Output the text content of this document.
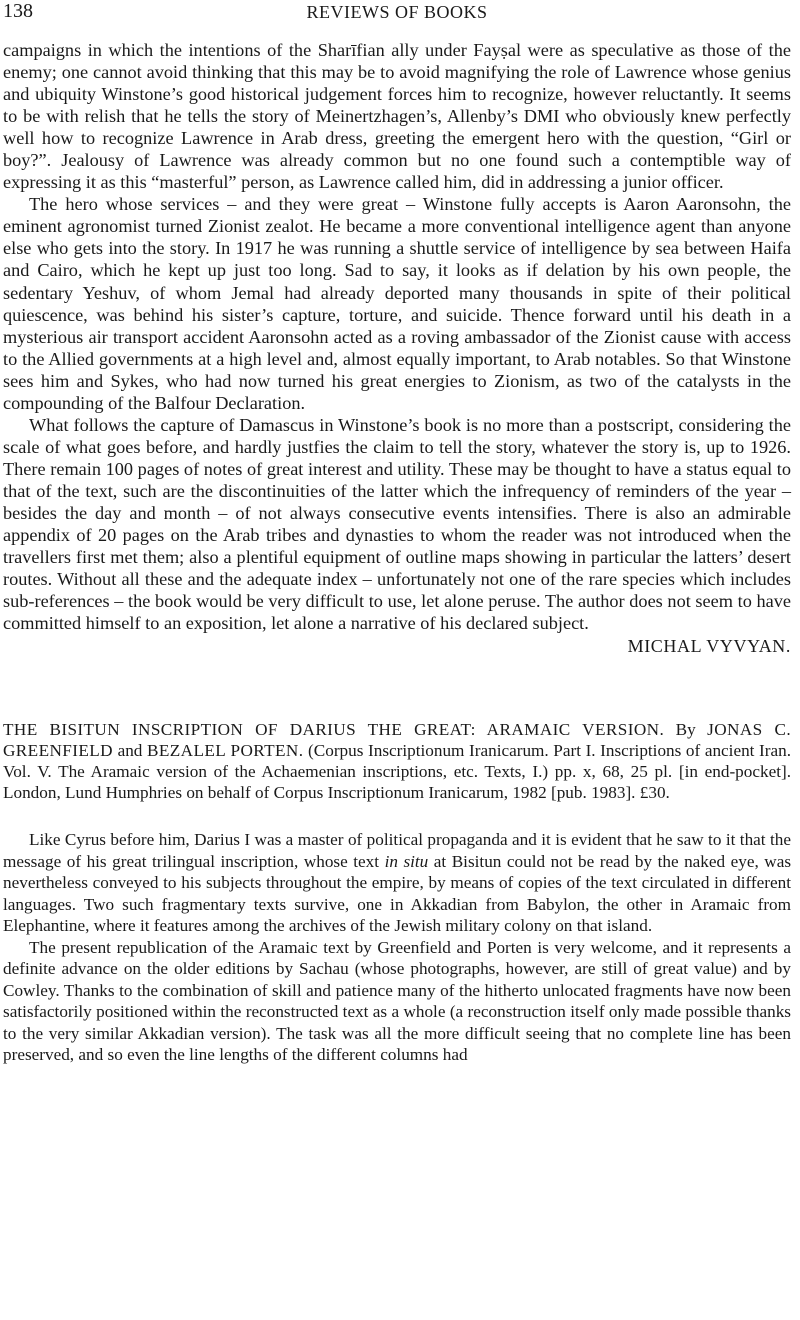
138	REVIEWS OF BOOKS

campaigns in which the intentions of the Sharīfian ally under Fayṣal were as speculative as those of the enemy; one cannot avoid thinking that this may be to avoid magnifying the role of Lawrence whose genius and ubiquity Winstone’s good historical judgement forces him to recognize, however reluctantly. It seems to be with relish that he tells the story of Meinertzhagen’s, Allenby’s DMI who obviously knew perfectly well how to recognize Lawrence in Arab dress, greeting the emergent hero with the question, “Girl or boy?”. Jealousy of Lawrence was already common but no one found such a contemptible way of expressing it as this “masterful” person, as Lawrence called him, did in addressing a junior officer.

The hero whose services – and they were great – Winstone fully accepts is Aaron Aaronsohn, the eminent agronomist turned Zionist zealot. He became a more conventional intelligence agent than anyone else who gets into the story. In 1917 he was running a shuttle service of intelligence by sea between Haifa and Cairo, which he kept up just too long. Sad to say, it looks as if delation by his own people, the sedentary Yeshuv, of whom Jemal had already deported many thousands in spite of their political quiescence, was behind his sister’s capture, torture, and suicide. Thence forward until his death in a mysterious air transport accident Aaronsohn acted as a roving ambassador of the Zionist cause with access to the Allied governments at a high level and, almost equally important, to Arab notables. So that Winstone sees him and Sykes, who had now turned his great energies to Zionism, as two of the catalysts in the compounding of the Balfour Declaration.

What follows the capture of Damascus in Winstone’s book is no more than a postscript, considering the scale of what goes before, and hardly justfies the claim to tell the story, whatever the story is, up to 1926. There remain 100 pages of notes of great interest and utility. These may be thought to have a status equal to that of the text, such are the discontinuities of the latter which the infrequency of reminders of the year – besides the day and month – of not always consecutive events intensifies. There is also an admirable appendix of 20 pages on the Arab tribes and dynasties to whom the reader was not introduced when the travellers first met them; also a plentiful equipment of outline maps showing in particular the latters’ desert routes. Without all these and the adequate index – unfortunately not one of the rare species which includes sub-references – the book would be very difficult to use, let alone peruse. The author does not seem to have committed himself to an exposition, let alone a narrative of his declared subject.

MICHAL VYVYAN.
THE BISITUN INSCRIPTION OF DARIUS THE GREAT: ARAMAIC VERSION. By JONAS C. GREENFIELD and BEZALEL PORTEN. (Corpus Inscriptionum Iranicarum. Part I. Inscriptions of ancient Iran. Vol. V. The Aramaic version of the Achaemenian inscriptions, etc. Texts, I.) pp. x, 68, 25 pl. [in end-pocket]. London, Lund Humphries on behalf of Corpus Inscriptionum Iranicarum, 1982 [pub. 1983]. £30.

Like Cyrus before him, Darius I was a master of political propaganda and it is evident that he saw to it that the message of his great trilingual inscription, whose text in situ at Bisitun could not be read by the naked eye, was nevertheless conveyed to his subjects throughout the empire, by means of copies of the text circulated in different languages. Two such fragmentary texts survive, one in Akkadian from Babylon, the other in Aramaic from Elephantine, where it features among the archives of the Jewish military colony on that island.

The present republication of the Aramaic text by Greenfield and Porten is very welcome, and it represents a definite advance on the older editions by Sachau (whose photographs, however, are still of great value) and by Cowley. Thanks to the combination of skill and patience many of the hitherto unlocated fragments have now been satisfactorily positioned within the reconstructed text as a whole (a reconstruction itself only made possible thanks to the very similar Akkadian version). The task was all the more difficult seeing that no complete line has been preserved, and so even the line lengths of the different columns had
